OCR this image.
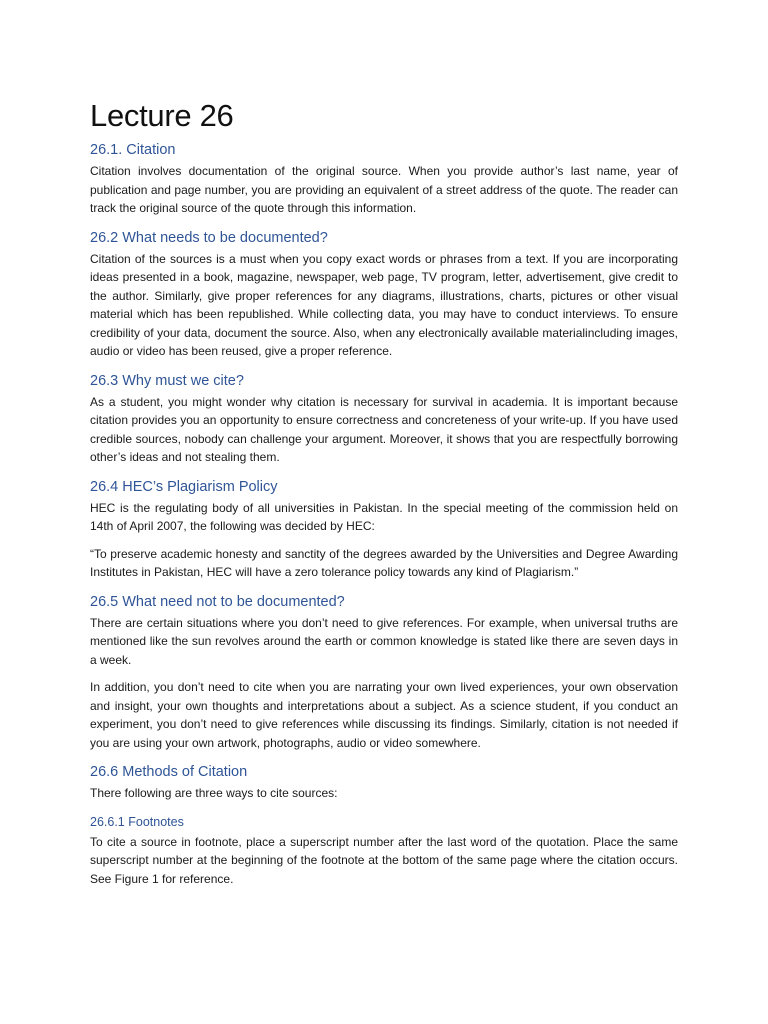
Lecture 26
26.1. Citation

Citation involves documentation of the original source. When you provide author’s last name, year of publication and page number, you are providing an equivalent of a street address of the quote. The reader can track the original source of the quote through this information.

26.2 What needs to be documented?

Citation of the sources is a must when you copy exact words or phrases from a text. If you are incorporating ideas presented in a book, magazine, newspaper, web page, TV program, letter, advertisement, give credit to the author. Similarly, give proper references for any diagrams, illustrations, charts, pictures or other visual material which has been republished. While collecting data, you may have to conduct interviews. To ensure credibility of your data, document the source. Also, when any electronically available materialincluding images, audio or video has been reused, give a proper reference.

26.3 Why must we cite?

As a student, you might wonder why citation is necessary for survival in academia. It is important because citation provides you an opportunity to ensure correctness and concreteness of your write-up. If you have used credible sources, nobody can challenge your argument. Moreover, it shows that you are respectfully borrowing other’s ideas and not stealing them.

26.4 HEC’s Plagiarism Policy

HEC is the regulating body of all universities in Pakistan. In the special meeting of the commission held on 14th of April 2007, the following was decided by HEC:

“To preserve academic honesty and sanctity of the degrees awarded by the Universities and Degree Awarding Institutes in Pakistan, HEC will have a zero tolerance policy towards any kind of Plagiarism.”

26.5 What need not to be documented?

There are certain situations where you don’t need to give references. For example, when universal truths are mentioned like the sun revolves around the earth or common knowledge is stated like there are seven days in a week.

In addition, you don’t need to cite when you are narrating your own lived experiences, your own observation and insight, your own thoughts and interpretations about a subject. As a science student, if you conduct an experiment, you don’t need to give references while discussing its findings. Similarly, citation is not needed if you are using your own artwork, photographs, audio or video somewhere.

26.6 Methods of Citation

There following are three ways to cite sources:

26.6.1 Footnotes

To cite a source in footnote, place a superscript number after the last word of the quotation. Place the same superscript number at the beginning of the footnote at the bottom of the same page where the citation occurs. See Figure 1 for reference.
